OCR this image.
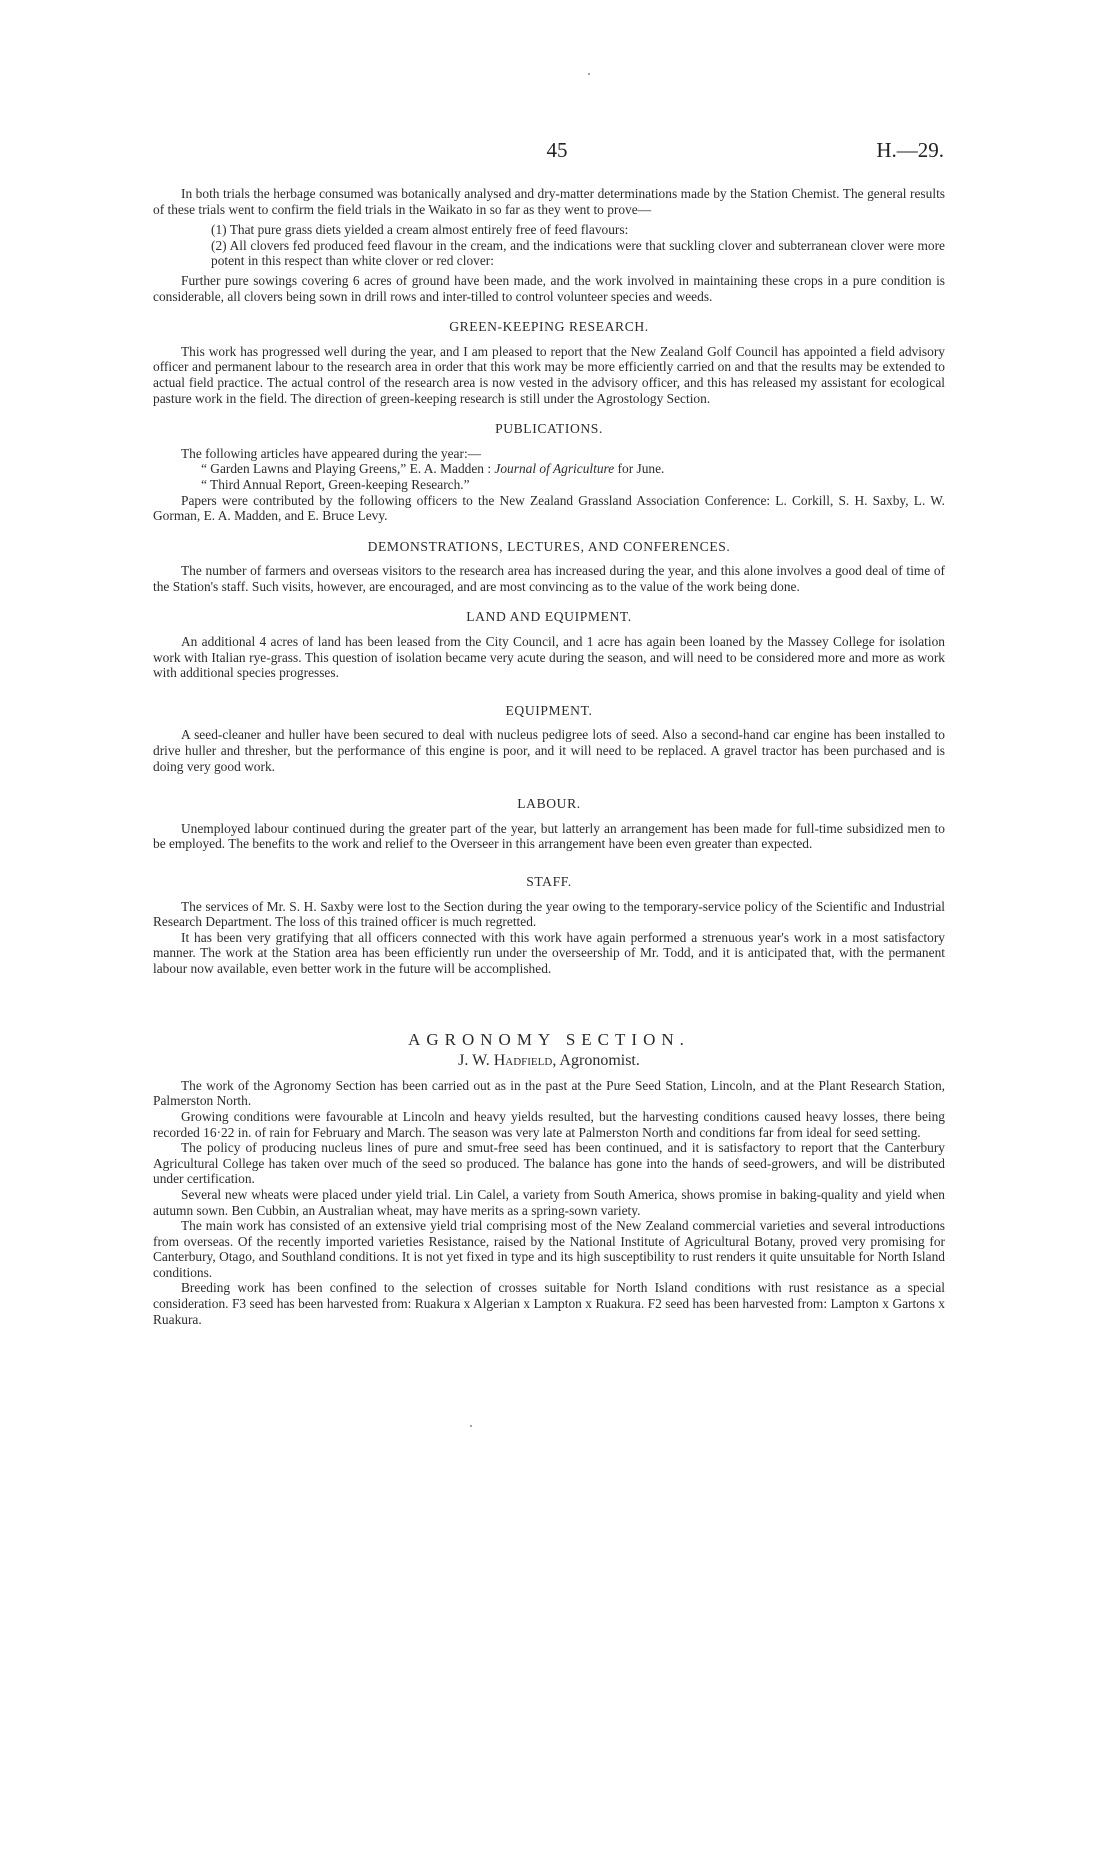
45	H.—29.

In both trials the herbage consumed was botanically analysed and dry-matter determinations made by the Station Chemist. The general results of these trials went to confirm the field trials in the Waikato in so far as they went to prove—

(1) That pure grass diets yielded a cream almost entirely free of feed flavours:

(2) All clovers fed produced feed flavour in the cream, and the indications were that suckling clover and subterranean clover were more potent in this respect than white clover or red clover:

Further pure sowings covering 6 acres of ground have been made, and the work involved in maintaining these crops in a pure condition is considerable, all clovers being sown in drill rows and inter-tilled to control volunteer species and weeds.

GREEN-KEEPING RESEARCH.

This work has progressed well during the year, and I am pleased to report that the New Zealand Golf Council has appointed a field advisory officer and permanent labour to the research area in order that this work may be more efficiently carried on and that the results may be extended to actual field practice. The actual control of the research area is now vested in the advisory officer, and this has released my assistant for ecological pasture work in the field. The direction of green-keeping research is still under the Agrostology Section.

PUBLICATIONS.

The following articles have appeared during the year:—

“ Garden Lawns and Playing Greens,” E. A. Madden : Journal of Agriculture for June.

“ Third Annual Report, Green-keeping Research.”

Papers were contributed by the following officers to the New Zealand Grassland Association Conference: L. Corkill, S. H. Saxby, L. W. Gorman, E. A. Madden, and E. Bruce Levy.

DEMONSTRATIONS, LECTURES, AND CONFERENCES.

The number of farmers and overseas visitors to the research area has increased during the year, and this alone involves a good deal of time of the Station's staff. Such visits, however, are encouraged, and are most convincing as to the value of the work being done.

LAND AND EQUIPMENT.

An additional 4 acres of land has been leased from the City Council, and 1 acre has again been loaned by the Massey College for isolation work with Italian rye-grass. This question of isolation became very acute during the season, and will need to be considered more and more as work with additional species progresses.

EQUIPMENT.

A seed-cleaner and huller have been secured to deal with nucleus pedigree lots of seed. Also a second-hand car engine has been installed to drive huller and thresher, but the performance of this engine is poor, and it will need to be replaced. A gravel tractor has been purchased and is doing very good work.

LABOUR.

Unemployed labour continued during the greater part of the year, but latterly an arrangement has been made for full-time subsidized men to be employed. The benefits to the work and relief to the Overseer in this arrangement have been even greater than expected.

STAFF.

The services of Mr. S. H. Saxby were lost to the Section during the year owing to the temporary-service policy of the Scientific and Industrial Research Department. The loss of this trained officer is much regretted.

It has been very gratifying that all officers connected with this work have again performed a strenuous year's work in a most satisfactory manner. The work at the Station area has been efficiently run under the overseership of Mr. Todd, and it is anticipated that, with the permanent labour now available, even better work in the future will be accomplished.

AGRONOMY SECTION.
J. W. Hadfield, Agronomist.

The work of the Agronomy Section has been carried out as in the past at the Pure Seed Station, Lincoln, and at the Plant Research Station, Palmerston North.

Growing conditions were favourable at Lincoln and heavy yields resulted, but the harvesting conditions caused heavy losses, there being recorded 16·22 in. of rain for February and March. The season was very late at Palmerston North and conditions far from ideal for seed setting.

The policy of producing nucleus lines of pure and smut-free seed has been continued, and it is satisfactory to report that the Canterbury Agricultural College has taken over much of the seed so produced. The balance has gone into the hands of seed-growers, and will be distributed under certification.

Several new wheats were placed under yield trial. Lin Calel, a variety from South America, shows promise in baking-quality and yield when autumn sown. Ben Cubbin, an Australian wheat, may have merits as a spring-sown variety.

The main work has consisted of an extensive yield trial comprising most of the New Zealand commercial varieties and several introductions from overseas. Of the recently imported varieties Resistance, raised by the National Institute of Agricultural Botany, proved very promising for Canterbury, Otago, and Southland conditions. It is not yet fixed in type and its high susceptibility to rust renders it quite unsuitable for North Island conditions.

Breeding work has been confined to the selection of crosses suitable for North Island conditions with rust resistance as a special consideration. F3 seed has been harvested from: Ruakura x Algerian x Lampton x Ruakura. F2 seed has been harvested from: Lampton x Gartons x Ruakura.
